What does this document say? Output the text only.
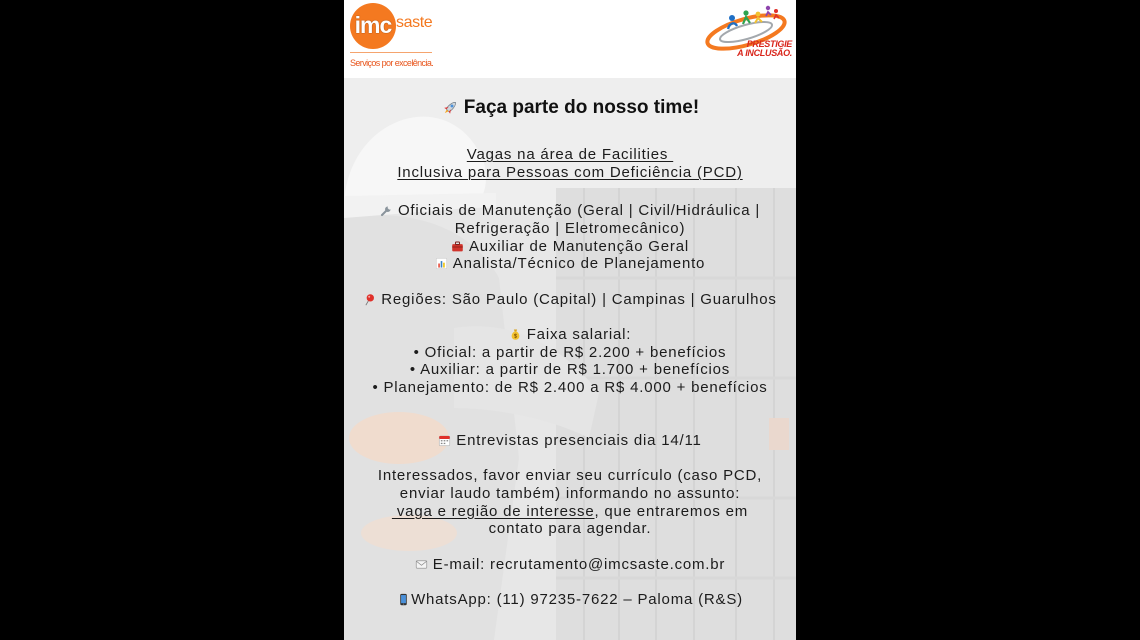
imc saste
Serviços por excelência.
PRESTIGIE
A INCLUSÃO.
Faça parte do nosso time!
Vagas na área de Facilities
Inclusiva para Pessoas com Deficiência (PCD)
Oficiais de Manutenção (Geral | Civil/Hidráulica |
Refrigeração | Eletromecânico)
Auxiliar de Manutenção Geral
Analista/Técnico de Planejamento
Regiões: São Paulo (Capital) | Campinas | Guarulhos
Faixa salarial:
• Oficial: a partir de R$ 2.200 + benefícios
• Auxiliar: a partir de R$ 1.700 + benefícios
• Planejamento: de R$ 2.400 a R$ 4.000 + benefícios
Entrevistas presenciais dia 14/11
Interessados, favor enviar seu currículo (caso PCD,
enviar laudo também) informando no assunto:
vaga e região de interesse, que entraremos em
contato para agendar.
E-mail: recrutamento@imcsaste.com.br
WhatsApp: (11) 97235-7622 – Paloma (R&S)
